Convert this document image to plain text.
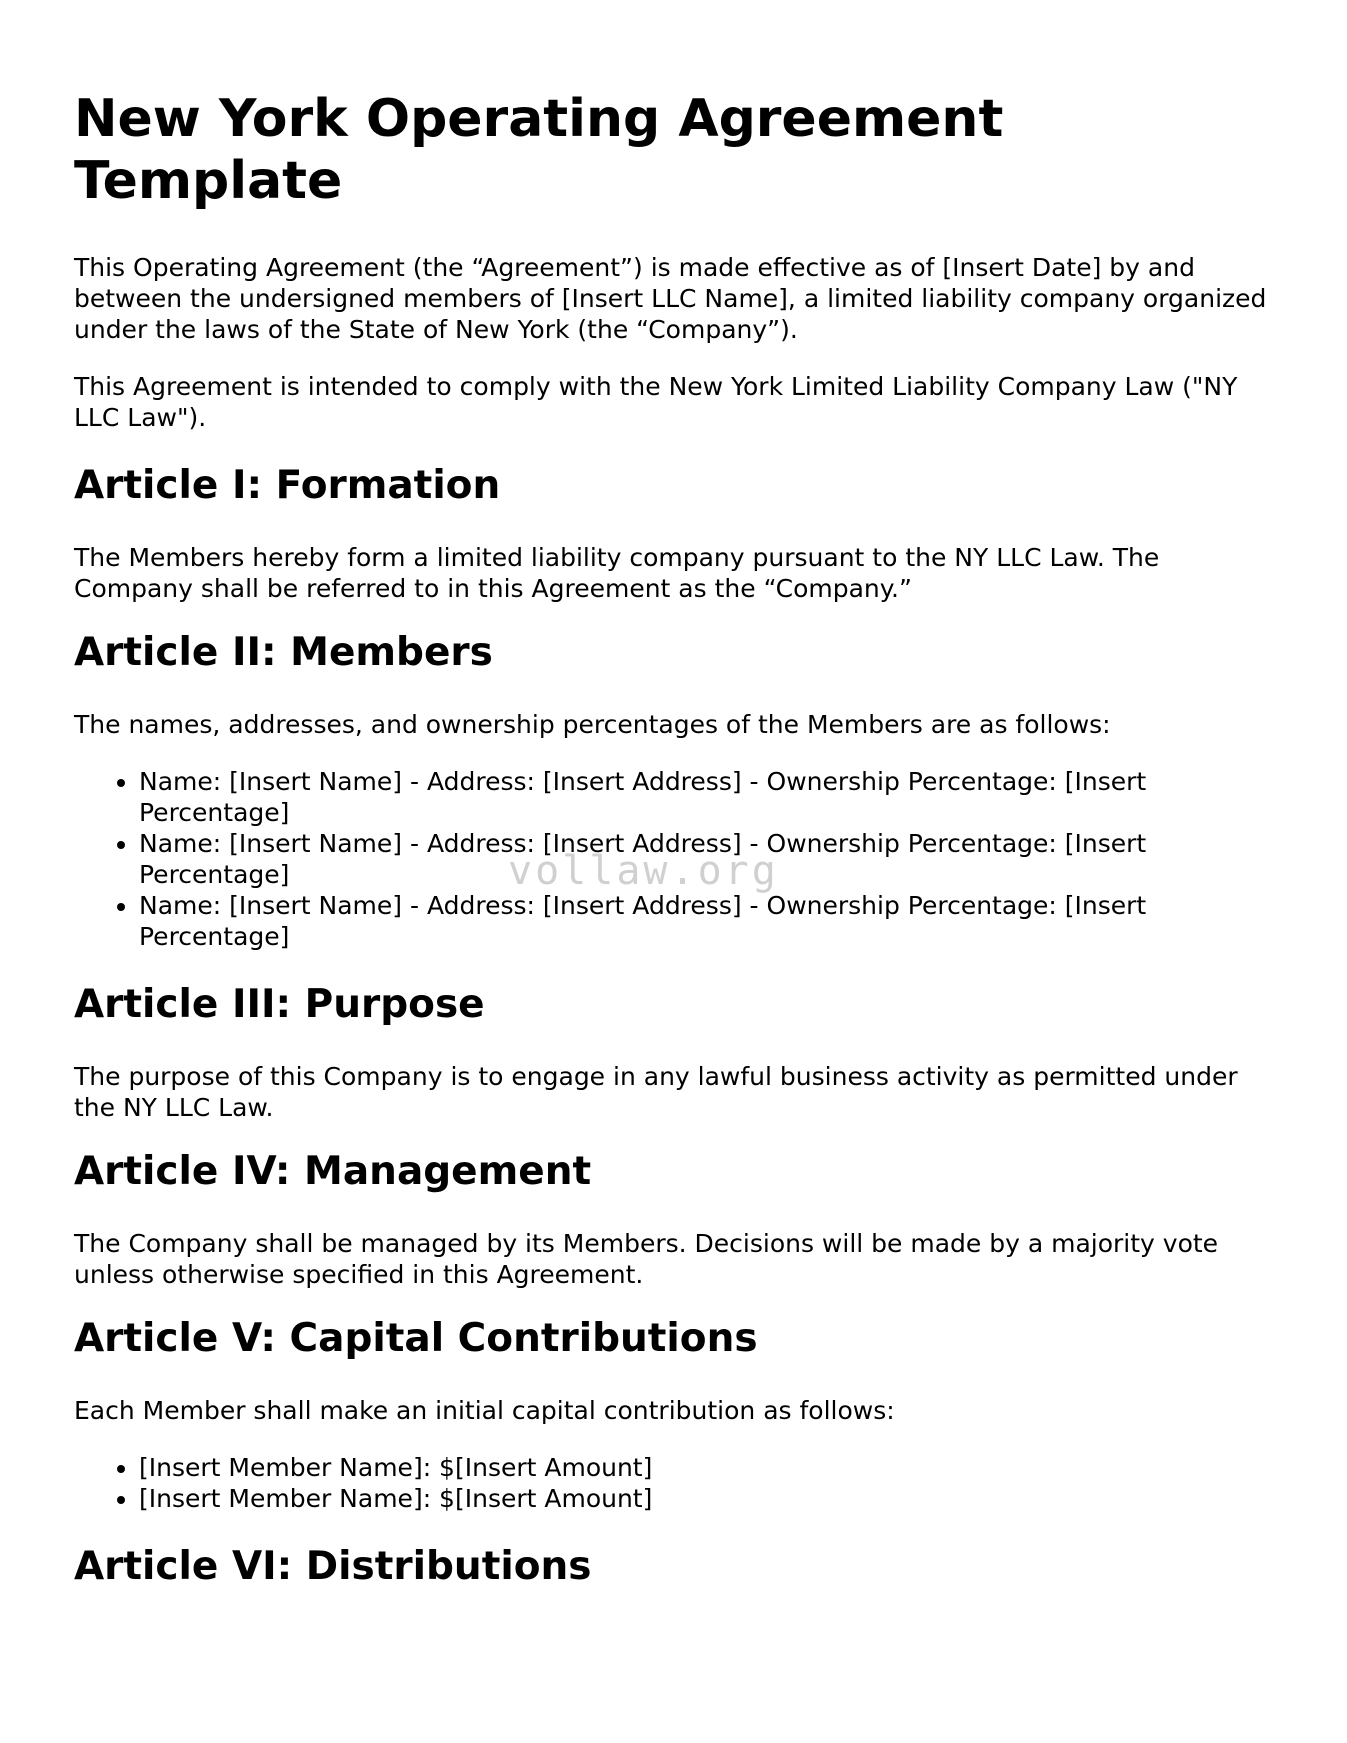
New York Operating Agreement Template

This Operating Agreement (the “Agreement”) is made effective as of [Insert Date] by and between the undersigned members of [Insert LLC Name], a limited liability company organized under the laws of the State of New York (the “Company”).

This Agreement is intended to comply with the New York Limited Liability Company Law ("NY LLC Law").

Article I: Formation

The Members hereby form a limited liability company pursuant to the NY LLC Law. The Company shall be referred to in this Agreement as the “Company.”

Article II: Members

The names, addresses, and ownership percentages of the Members are as follows:

• Name: [Insert Name] - Address: [Insert Address] - Ownership Percentage: [Insert Percentage]
• Name: [Insert Name] - Address: [Insert Address] - Ownership Percentage: [Insert Percentage]
• Name: [Insert Name] - Address: [Insert Address] - Ownership Percentage: [Insert Percentage]
Article III: Purpose

The purpose of this Company is to engage in any lawful business activity as permitted under the NY LLC Law.

Article IV: Management

The Company shall be managed by its Members. Decisions will be made by a majority vote unless otherwise specified in this Agreement.

Article V: Capital Contributions

Each Member shall make an initial capital contribution as follows:

• [Insert Member Name]: $[Insert Amount]
• [Insert Member Name]: $[Insert Amount]
Article VI: Distributions
vollaw.org
